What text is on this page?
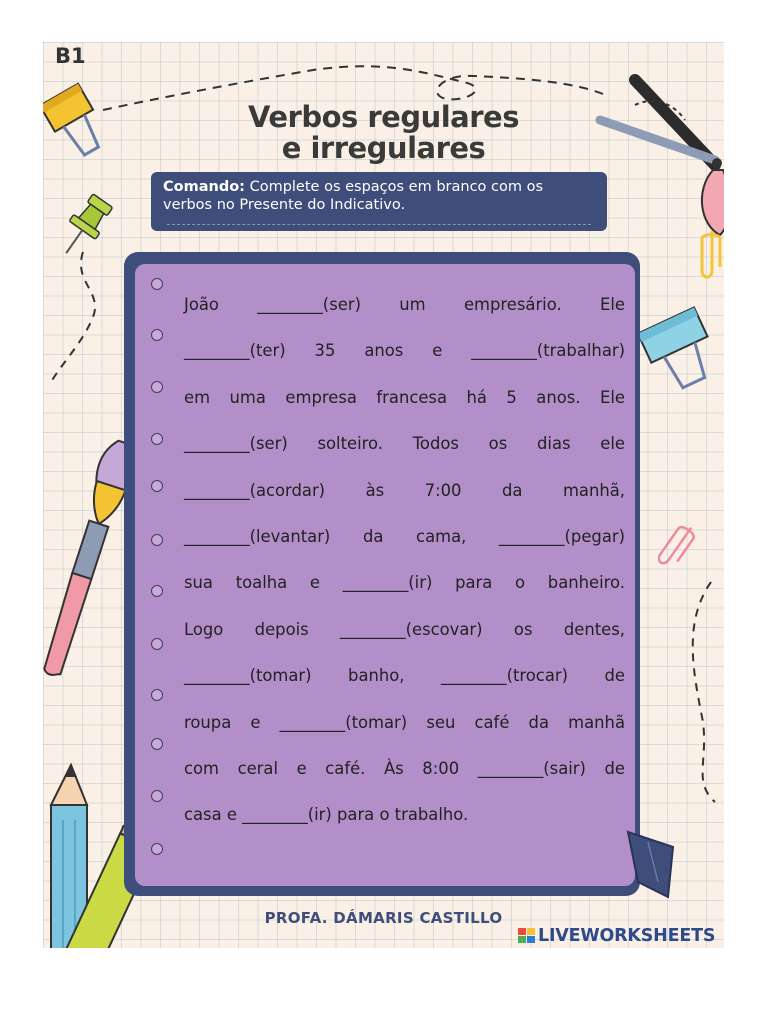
B1
Verbos regulares
e irregulares
Comando: Complete os espaços em branco com os
verbos no Presente do Indicativo.

João ________(ser) um empresário. Ele

________(ter) 35 anos e ________(trabalhar)

em uma empresa francesa há 5 anos. Ele

________(ser) solteiro. Todos os dias ele

________(acordar) às 7:00 da manhã,

________(levantar) da cama, ________(pegar)

sua toalha e ________(ir) para o banheiro.

Logo depois ________(escovar) os dentes,

________(tomar) banho, ________(trocar) de

roupa e ________(tomar) seu café da manhã

com ceral e café. Às 8:00 ________(sair) de

casa e ________(ir) para o trabalho.

PROFA. DÁMARIS CASTILLO
LIVEWORKSHEETS
